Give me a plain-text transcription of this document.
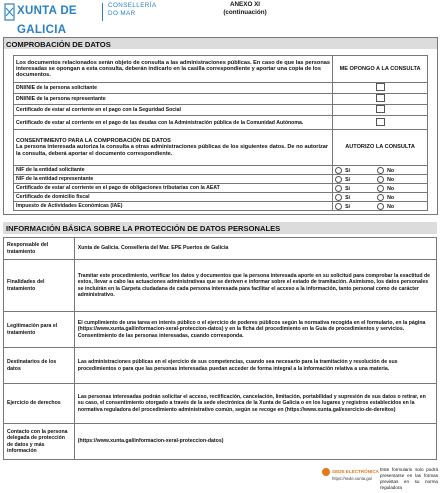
XUNTA DE GALICIA
CONSELLERÍA
DO MAR
ANEXO XI
(continuación)
COMPROBACIÓN DE DATOS
Los documentos relacionados serán objeto de consulta a las administraciones públicas. En caso de que las personas interesadas se opongan a esta consulta, deberán indicarlo en la casilla correspondiente y aportar una copia de los documentos.	ME OPONGO A LA CONSULTA
DNI/NIE de la persona solicitante	
DNI/NIE de la persona representante	
Certificado de estar al corriente en el pago con la Seguridad Social	
Certificado de estar al corriente en el pago de las deudas con la Administración pública de la Comunidad Autónoma.	

CONSENTIMIENTO PARA LA COMPROBACIÓN DE DATOS
La persona interesada autoriza la consulta a otras administraciones públicas de los siguientes datos. De no autorizar la consulta, deberá aportar el documento correspondiente.	AUTORIZO LA CONSULTA
NIF de la entidad solicitante	Sí No
NIF de la entidad representante	Sí No
Certificado de estar al corriente en el pago de obligaciones tributarias con la AEAT	Sí No
Certificado de domicilio fiscal	Sí No
Impuesto de Actividades Económicas (IAE)	Sí No
INFORMACIÓN BÁSICA SOBRE LA PROTECCIÓN DE DATOS PERSONALES
Responsable del tratamiento	Xunta de Galicia. Consellería del Mar. EPE Puertos de Galicia
Finalidades del tratamiento	Tramitar este procedimiento, verificar los datos y documentos que la persona interesada aporte en su solicitud para comprobar la exactitud de estos, llevar a cabo las actuaciones administrativas que se deriven e informar sobre el estado de tramitación. Asimismo, los datos personales se incluirán en la Carpeta ciudadana de cada persona interesada para facilitar el acceso a la información, tanto personal como de carácter administrativo.
Legitimación para el tratamiento	El cumplimiento de una tarea en interés público o el ejercicio de poderes públicos según la normativa recogida en el formulario, en la página (https://www.xunta.gal/informacion-xeral-proteccion-datos) y en la ficha del procedimiento en la Guía de procedimientos y servicios. Consentimiento de las personas interesadas, cuando corresponda.
Destinatarios de los datos	Las administraciones públicas en el ejercicio de sus competencias, cuando sea necesario para la tramitación y resolución de sus procedimientos o para que las personas interesadas puedan acceder de forma integral a la información relativa a una materia.
Ejercicio de derechos	Las personas interesadas podrán solicitar el acceso, rectificación, cancelación, limitación, portabilidad y supresión de sus datos o retirar, en su caso, el consentimiento otorgado a través de la sede electrónica de la Xunta de Galicia o en los lugares y registros establecidos en la normativa reguladora del procedimiento administrativo común, según se recoge en (https://www.xunta.gal/exercicio-de-dereitos)
Contacto con la persona delegada de protección de datos y más información	(https://www.xunta.gal/informacion-xeral-proteccion-datos)
SEDE ELECTRÓNICA
https://sede.xunta.gal
Este formulario solo podrá presentarse en las formas previstas en su norma reguladora
